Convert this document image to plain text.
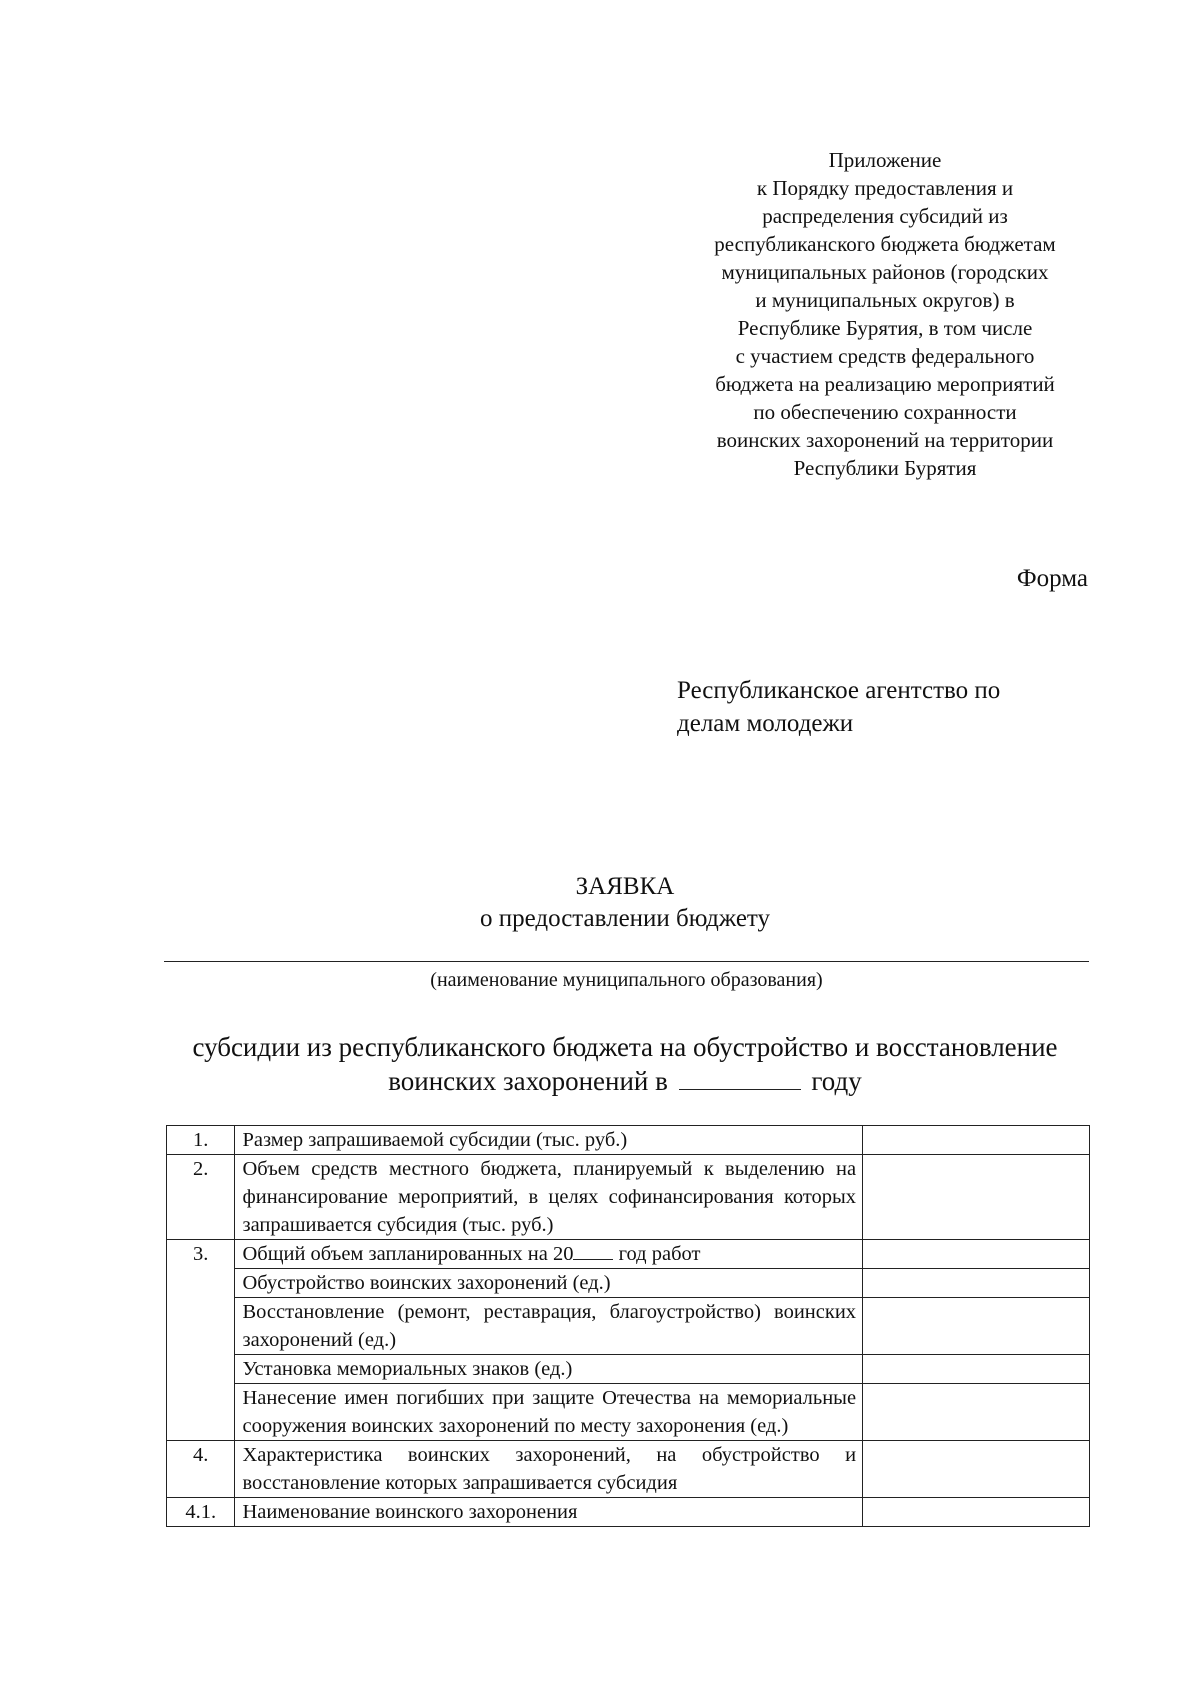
Приложение
к Порядку предоставления и
распределения субсидий из
республиканского бюджета бюджетам
муниципальных районов (городских
и муниципальных округов) в
Республике Бурятия, в том числе
с участием средств федерального
бюджета на реализацию мероприятий
по обеспечению сохранности
воинских захоронений на территории
Республики Бурятия
Форма
Республиканское агентство по
делам молодежи
ЗАЯВКА
о предоставлении бюджету
(наименование муниципального образования)
субсидии из республиканского бюджета на обустройство и восстановление
воинских захоронений в	году
1.	Размер запрашиваемой субсидии (тыс. руб.)	
2.	Объем средств местного бюджета, планируемый к выделению на финансирование мероприятий, в целях софинансирования которых запрашивается субсидия (тыс. руб.)	
3.	Общий объем запланированных на 20 год работ	
	Обустройство воинских захоронений (ед.)	
	Восстановление (ремонт, реставрация, благоустройство) воинских захоронений (ед.)	
	Установка мемориальных знаков (ед.)	
	Нанесение имен погибших при защите Отечества на мемориальные сооружения воинских захоронений по месту захоронения (ед.)	
4.	Характеристика воинских захоронений, на обустройство и восстановление которых запрашивается субсидия	
4.1.	Наименование воинского захоронения	
